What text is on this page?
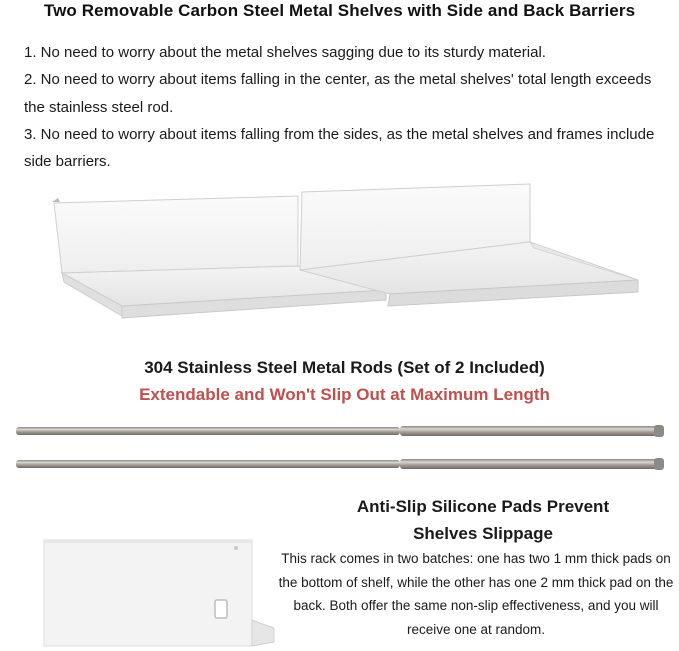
Two Removable Carbon Steel Metal Shelves with Side and Back Barriers
1. No need to worry about the metal shelves sagging due to its sturdy material.
2. No need to worry about items falling in the center, as the metal shelves' total length exceeds the stainless steel rod.
3. No need to worry about items falling from the sides, as the metal shelves and frames include side barriers.
304 Stainless Steel Metal Rods (Set of 2 Included)
Extendable and Won't Slip Out at Maximum Length
Anti-Slip Silicone Pads Prevent
Shelves Slippage
This rack comes in two batches: one has two 1 mm thick pads on the bottom of shelf, while the other has one 2 mm thick pad on the back. Both offer the same non-slip effectiveness, and you will receive one at random.
